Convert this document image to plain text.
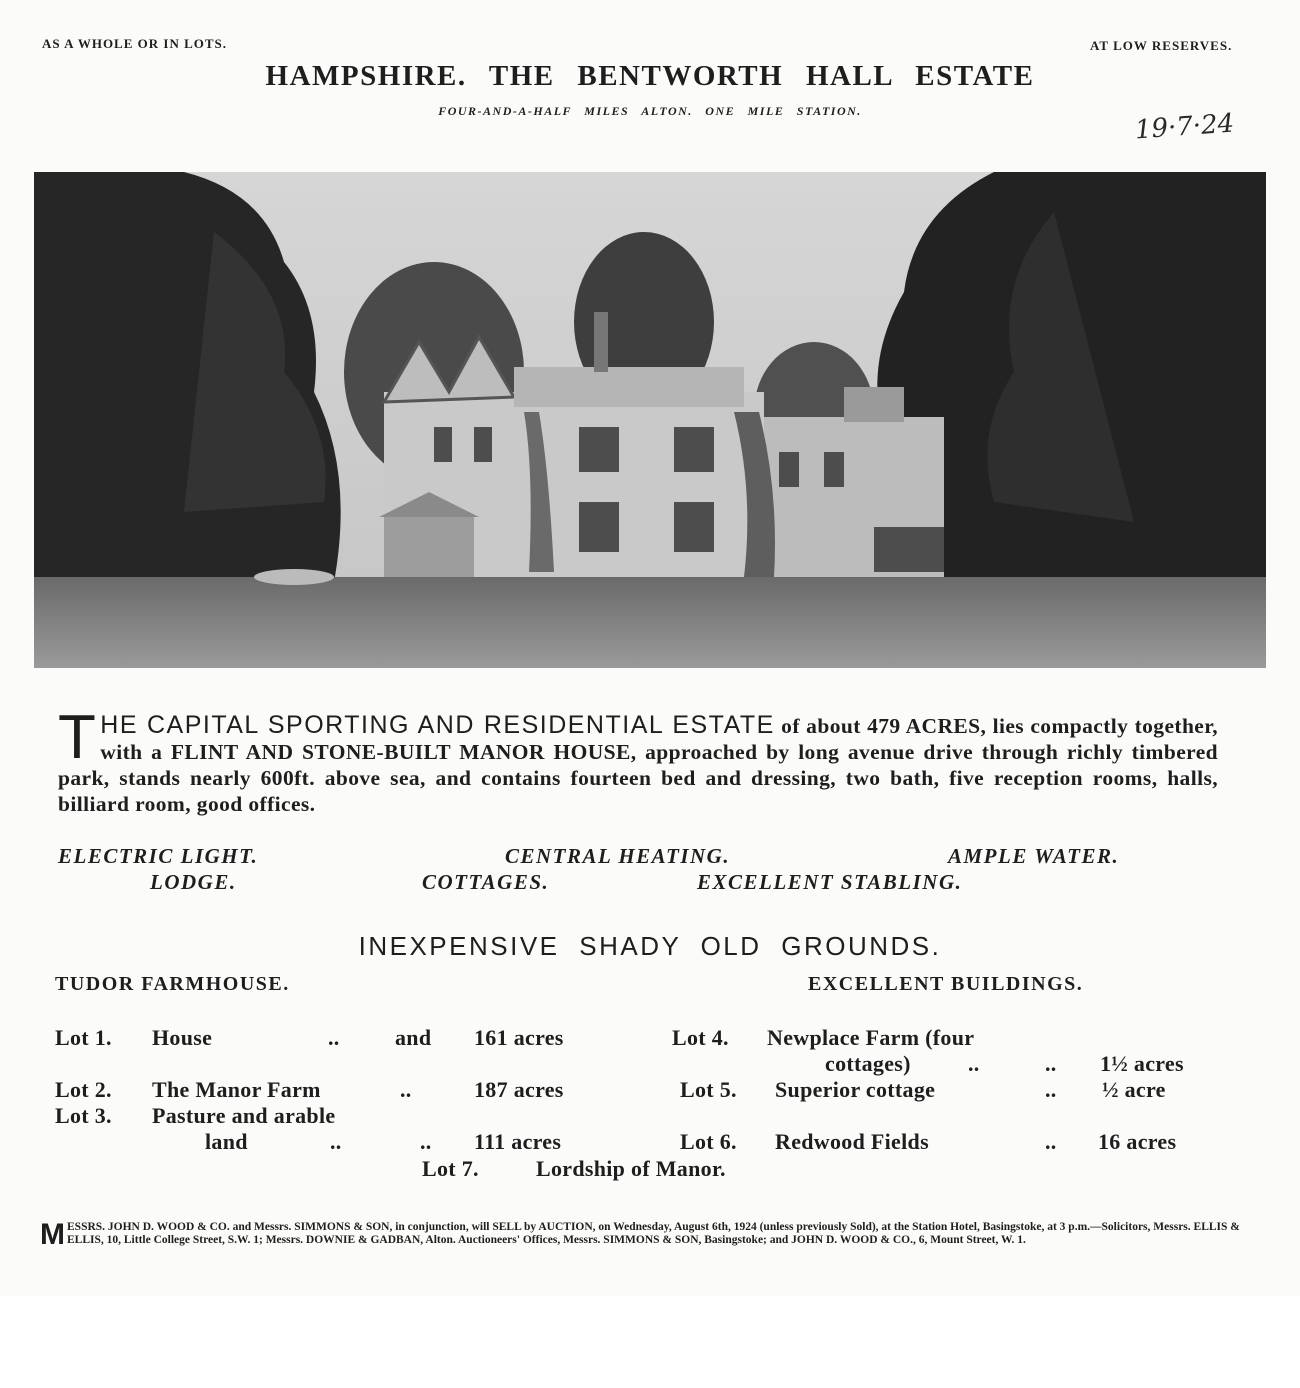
AS A WHOLE OR IN LOTS.	AT LOW RESERVES.
HAMPSHIRE. THE BENTWORTH HALL ESTATE
FOUR-AND-A-HALF MILES ALTON. ONE MILE STATION.	19·7·24
THE CAPITAL SPORTING AND RESIDENTIAL ESTATE of about 479 ACRES, lies compactly together, with a FLINT AND STONE-BUILT MANOR HOUSE, approached by long avenue drive through richly timbered park, stands nearly 600ft. above sea, and contains fourteen bed and dressing, two bath, five reception rooms, halls, billiard room, good offices.
ELECTRIC LIGHT.	CENTRAL HEATING.	AMPLE WATER.
LODGE.	COTTAGES.	EXCELLENT STABLING.
INEXPENSIVE SHADY OLD GROUNDS.
TUDOR FARMHOUSE.	EXCELLENT BUILDINGS.
Lot 1. House	..	and 161 acres
Lot 2. The Manor Farm	..	187 acres
Lot 3. Pasture and arable
land	..	.. 111 acres
Lot 4. Newplace Farm (four
cottages)	..	.. 1½ acres
Lot 5. Superior cottage	.. ½ acre
Lot 6. Redwood Fields	.. 16 acres
Lot 7.	Lordship of Manor.
MESSRS. JOHN D. WOOD & CO. and Messrs. SIMMONS & SON, in conjunction, will SELL by AUCTION, on Wednesday, August 6th, 1924 (unless previously Sold), at the Station Hotel, Basingstoke, at 3 p.m.—Solicitors, Messrs. ELLIS & ELLIS, 10, Little College Street, S.W. 1; Messrs. DOWNIE & GADBAN, Alton. Auctioneers' Offices, Messrs. SIMMONS & SON, Basingstoke; and JOHN D. WOOD & CO., 6, Mount Street, W. 1.
